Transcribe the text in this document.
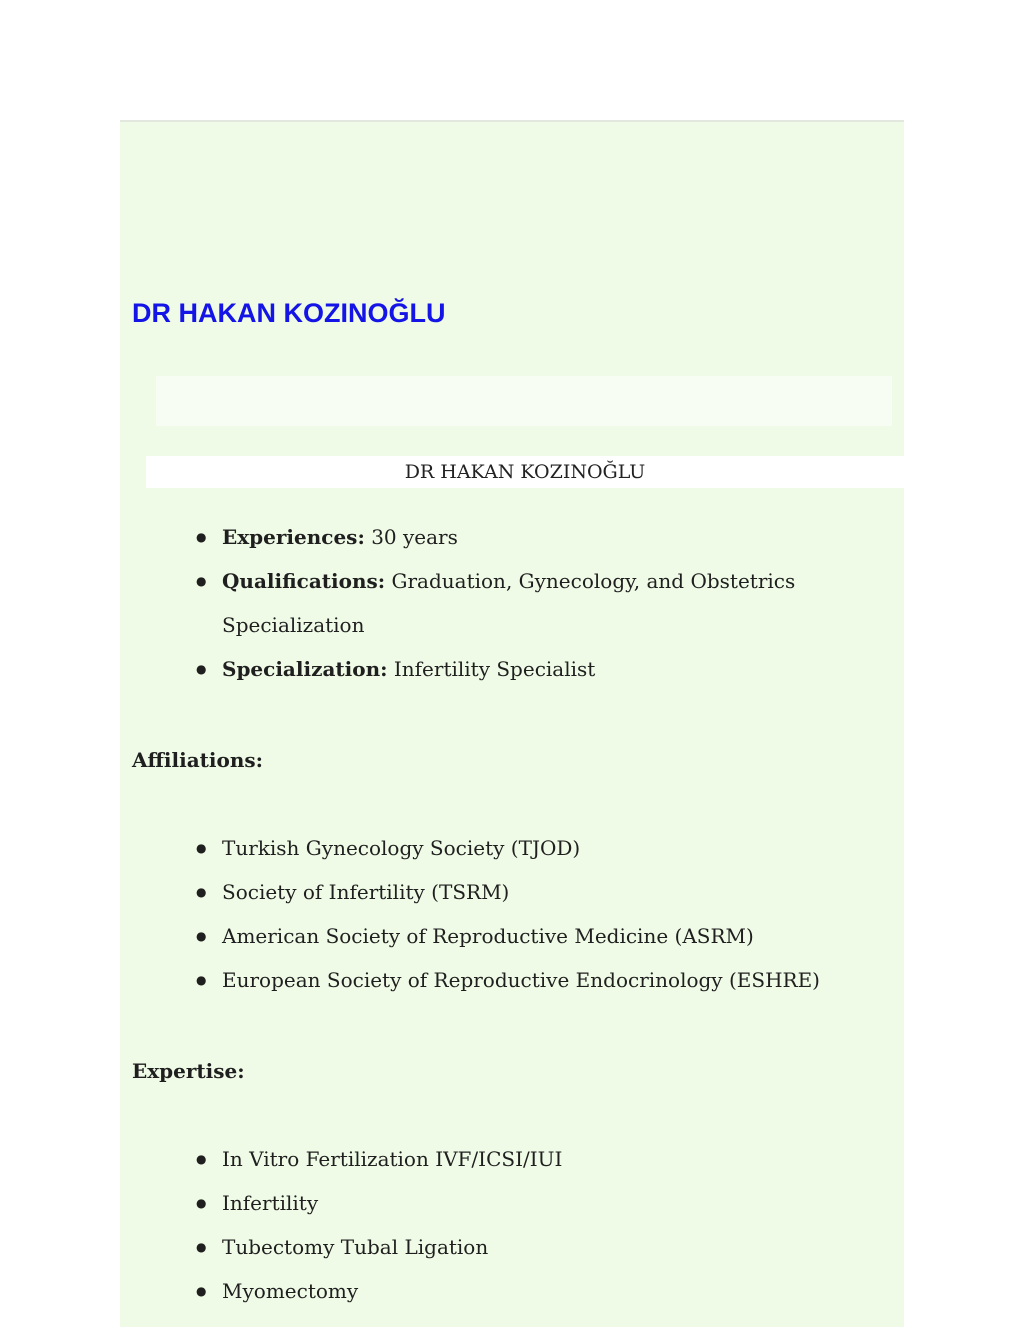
DR HAKAN KOZINOĞLU
DR HAKAN KOZINOĞLU
● Experiences: 30 years
● Qualifications: Graduation, Gynecology, and Obstetrics Specialization
● Specialization: Infertility Specialist
Affiliations:
● Turkish Gynecology Society (TJOD)
● Society of Infertility (TSRM)
● American Society of Reproductive Medicine (ASRM)
● European Society of Reproductive Endocrinology (ESHRE)
Expertise:
● In Vitro Fertilization IVF/ICSI/IUI
● Infertility
● Tubectomy Tubal Ligation
● Myomectomy
